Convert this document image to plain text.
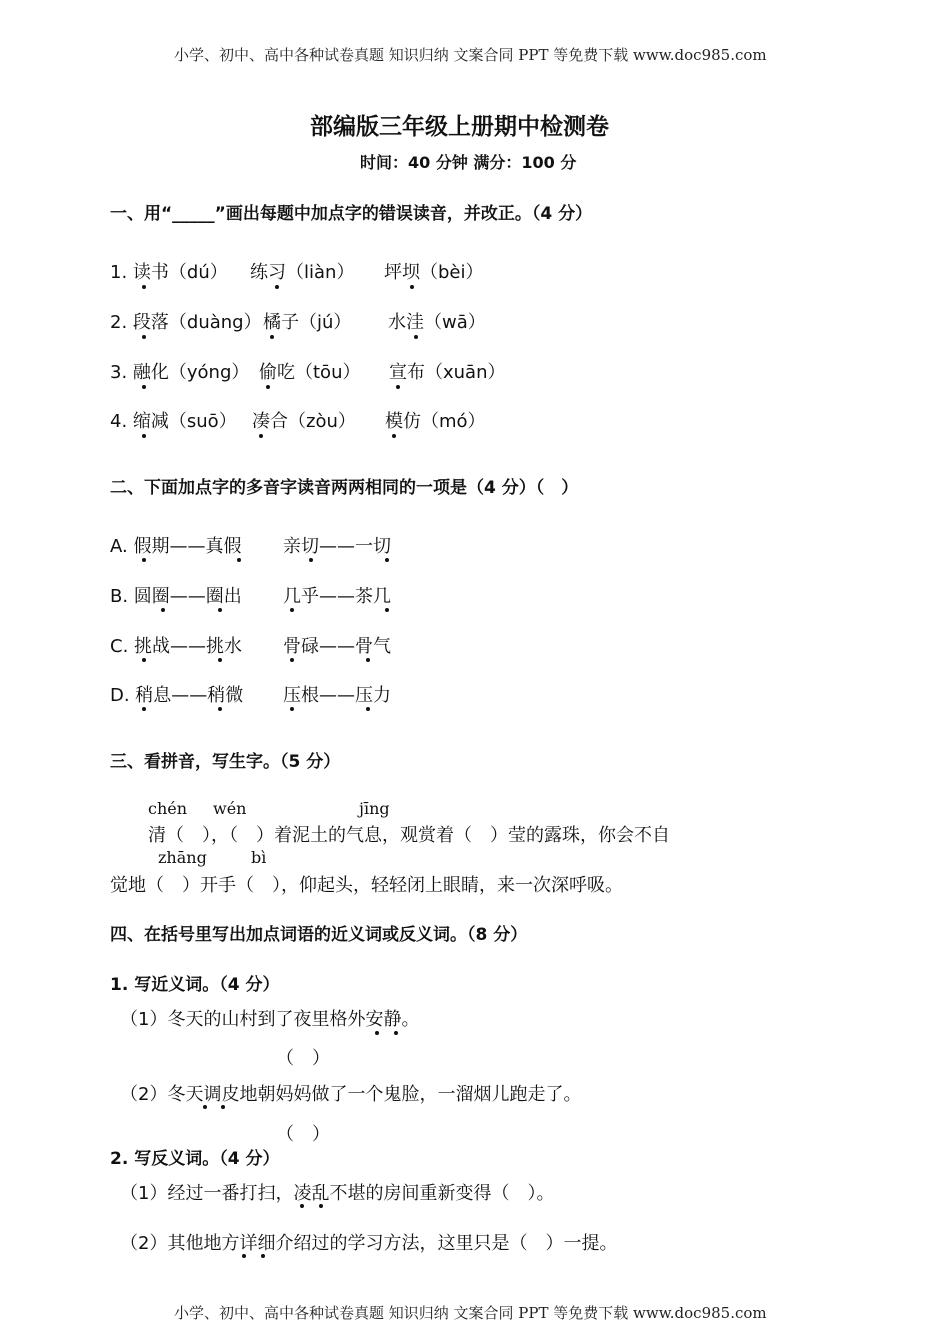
小学、初中、高中各种试卷真题 知识归纳 文案合同 PPT 等免费下载 www.doc985.com
部编版三年级上册期中检测卷
时间：40 分钟 满分：100 分
一、用“_____”画出每题中加点字的错误读音，并改正。（4 分）
1. 读书（dú） 练习（liàn） 坪坝（bèi）
2. 段落（duàng） 橘子（jú） 水洼（wā）
3. 融化（yóng） 偷吃（tōu） 宣布（xuān）
4. 缩减（suō） 凑合（zòu） 模仿（mó）
二、下面加点字的多音字读音两两相同的一项是（4 分）（　）
A. 假期——真假 亲切——一切
B. 圆圈——圈出 几乎——茶几
C. 挑战——挑水 骨碌——骨气
D. 稍息——稍微 压根——压力
三、看拼音，写生字。（5 分）
chén wén	jīng
清（　），（　）着泥土的气息，观赏着（　）莹的露珠，你会不自
zhāng	bì
觉地（　）开手（　），仰起头，轻轻闭上眼睛，来一次深呼吸。
四、在括号里写出加点词语的近义词或反义词。（8 分）
1. 写近义词。（4 分）
（1）冬天的山村到了夜里格外安静。
（　）
（2）冬天调皮地朝妈妈做了一个鬼脸，一溜烟儿跑走了。
（　）
2. 写反义词。（4 分）
（1）经过一番打扫，凌乱不堪的房间重新变得（　）。
（2）其他地方详细介绍过的学习方法，这里只是（　）一提。
小学、初中、高中各种试卷真题 知识归纳 文案合同 PPT 等免费下载 www.doc985.com
